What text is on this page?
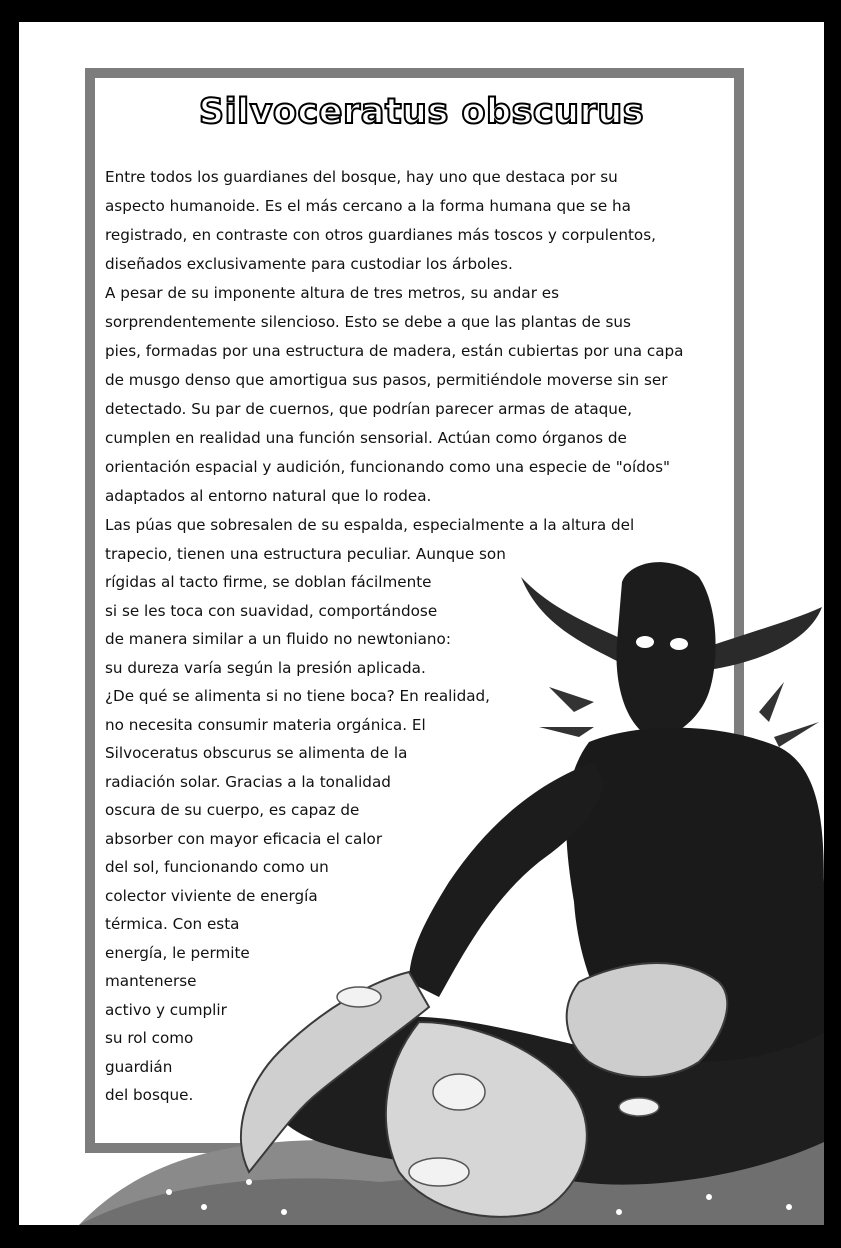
Silvoceratus obscurus

Entre todos los guardianes del bosque, hay uno que destaca por su

aspecto humanoide. Es el más cercano a la forma humana que se ha

registrado, en contraste con otros guardianes más toscos y corpulentos,

diseñados exclusivamente para custodiar los árboles.

A pesar de su imponente altura de tres metros, su andar es

sorprendentemente silencioso. Esto se debe a que las plantas de sus

pies, formadas por una estructura de madera, están cubiertas por una capa

de musgo denso que amortigua sus pasos, permitiéndole moverse sin ser

detectado. Su par de cuernos, que podrían parecer armas de ataque,

cumplen en realidad una función sensorial. Actúan como órganos de

orientación espacial y audición, funcionando como una especie de "oídos"

adaptados al entorno natural que lo rodea.

Las púas que sobresalen de su espalda, especialmente a la altura del

trapecio, tienen una estructura peculiar. Aunque son

rígidas al tacto firme, se doblan fácilmente

si se les toca con suavidad, comportándose

de manera similar a un fluido no newtoniano:

su dureza varía según la presión aplicada.

¿De qué se alimenta si no tiene boca? En realidad,

no necesita consumir materia orgánica. El

Silvoceratus obscurus se alimenta de la

radiación solar. Gracias a la tonalidad

oscura de su cuerpo, es capaz de

absorber con mayor eficacia el calor

del sol, funcionando como un

colector viviente de energía

térmica. Con esta

energía, le permite

mantenerse

activo y cumplir

su rol como

guardián

del bosque.
